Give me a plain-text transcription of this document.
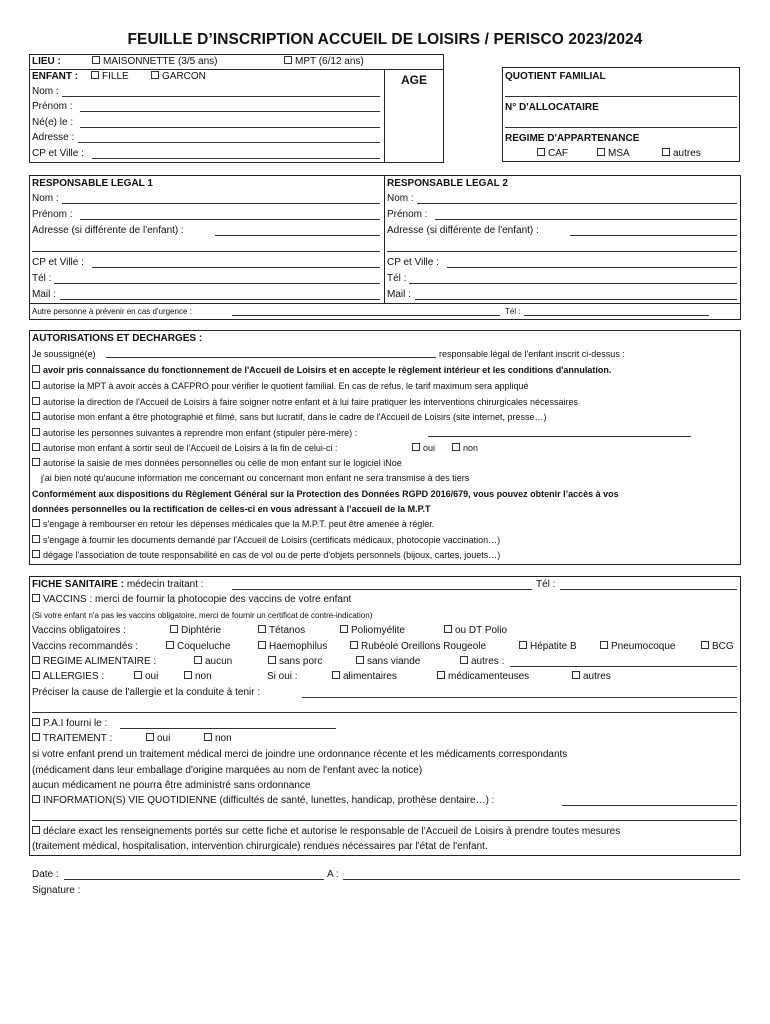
FEUILLE D’INSCRIPTION ACCUEIL DE LOISIRS / PERISCO 2023/2024
LIEU :	MAISONNETTE (3/5 ans)	MPT (6/12 ans)
ENFANT :	FILLE	GARCON	AGE
Nom :
Prénom :
Né(e) le :
Adresse :
CP et Ville :
QUOTIENT FAMILIAL
N° D'ALLOCATAIRE
REGIME D'APPARTENANCE
CAF	MSA	autres
RESPONSABLE LEGAL 1	RESPONSABLE LEGAL 2
Nom :	Nom :
Prénom :	Prénom :
Adresse (si différente de l'enfant) :	Adresse (si différente de l'enfant) :
CP et Ville :	CP et Ville :
Tél :	Tél :
Mail :	Mail :
Autre personne à prévenir en cas d'urgence :	Tél :
AUTORISATIONS ET DECHARGES :
Je soussigné(e)	responsable légal de l'enfant inscrit ci-dessus :
avoir pris connaissance du fonctionnement de l'Accueil de Loisirs et en accepte le règlement intérieur et les conditions d'annulation.
autorise la MPT à avoir accès à CAFPRO pour vérifier le quotient familial. En cas de refus, le tarif maximum sera appliqué
autorise la direction de l'Accueil de Loisirs à faire soigner notre enfant et à lui faire pratiquer les interventions chirurgicales nécessaires
autorise mon enfant à être photographié et filmé, sans but lucratif, dans le cadre de l'Accueil de Loisirs (site internet, presse…)
autorise les personnes suivantes à reprendre mon enfant (stipuler père-mère) :
autorise mon enfant à sortir seul de l'Accueil de Loisirs à la fin de celui-ci :	oui	non
autorise la saisie de mes données personnelles ou celle de mon enfant sur le logiciel iNoe
j'ai bien noté qu'aucune information me concernant ou concernant mon enfant ne sera transmise à des tiers
Conformément aux dispositions du Règlement Général sur la Protection des Données RGPD 2016/679, vous pouvez obtenir l’accès à vos
données personnelles ou la rectification de celles-ci en vous adressant à l’accueil de la M.P.T
s'engage à rembourser en retour les dépenses médicales que la M.P.T. peut être amenée à régler.
s'engage à fournir les documents demandé par l'Accueil de Loisirs (certificats médicaux, photocopie vaccination…)
dégage l'association de toute responsabilité en cas de vol ou de perte d'objets personnels (bijoux, cartes, jouets…)
FICHE SANITAIRE : médecin traitant :	Tél :
VACCINS : merci de fournir la photocopie des vaccins de votre enfant
(Si votre enfant n'a pas les vaccins obligatoire, merci de fournir un certificat de contre-indication)
Vaccins obligatoires :	Diphtérie	Tétanos	Poliomyélite	ou DT Polio
Vaccins recommandés :	Coqueluche	Haemophilus	Rubéole Oreillons Rougeole	Hépatite B	Pneumocoque	BCG
REGIME ALIMENTAIRE :	aucun	sans porc	sans viande	autres :
ALLERGIES :	oui	non	Si oui :	alimentaires	médicamenteuses	autres
Préciser la cause de l'allergie et la conduite à tenir :
P.A.I fourni le :
TRAITEMENT :	oui	non
si votre enfant prend un traitement médical merci de joindre une ordonnance récente et les médicaments correspondants
(médicament dans leur emballage d'origine marquées au nom de l'enfant avec la notice)
aucun médicament ne pourra être administré sans ordonnance
INFORMATION(S) VIE QUOTIDIENNE (difficultés de santé, lunettes, handicap, prothèse dentaire…) :
déclare exact les renseignements portés sur cette fiche et autorise le responsable de l'Accueil de Loisirs à prendre toutes mesures
(traitement médical, hospitalisation, intervention chirurgicale) rendues nécessaires par l'état de l'enfant.
Date :	A :
Signature :
